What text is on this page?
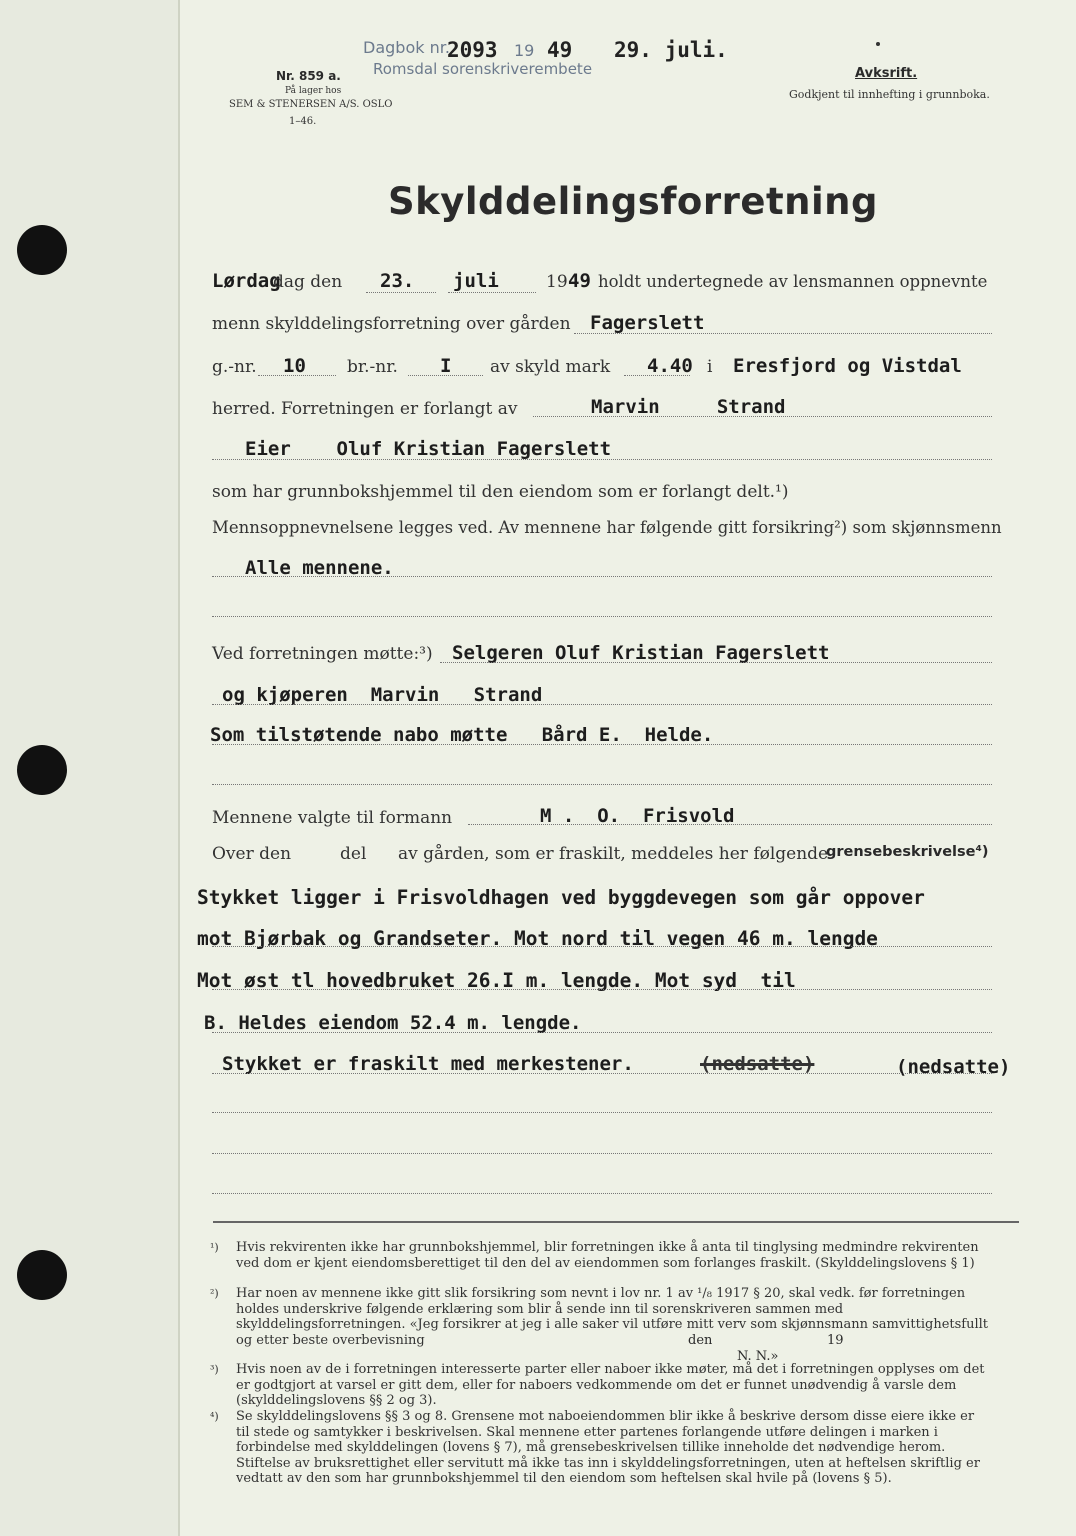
Dagbok nr.
2093 19 49 29. juli.
Romsdal sorenskriverembete
Nr. 859 a.
På lager hos
SEM & STENERSEN A/S. OSLO
1–46.
Avksrift.
Godkjent til innhefting i grunnboka.
Skylddelingsforretning
Lørdag
dag den 23. juli	19 49 holdt undertegnede av lensmannen oppnevnte
menn skylddelingsforretning over gården Fagerslett
g.-nr. 10 br.-nr. I av skyld mark 4.40 i Eresfjord og Vistdal
herred. Forretningen er forlangt av	Marvin     Strand
Eier    Oluf Kristian Fagerslett
som har grunnbokshjemmel til den eiendom som er forlangt delt.¹)
Mennsoppnevnelsene legges ved. Av mennene har følgende gitt forsikring²) som skjønnsmenn
Alle mennene.
Ved forretningen møtte:³) Selgeren Oluf Kristian Fagerslett
og kjøperen  Marvin   Strand
Som tilstøtende nabo møtte   Bård E.  Helde.
Mennene valgte til formann	M .  O.  Frisvold
Over den	del av gården, som er fraskilt, meddeles her følgende
grensebeskrivelse⁴)
Stykket ligger i Frisvoldhagen ved byggdevegen som går oppover
mot Bjørbak og Grandseter. Mot nord til vegen 46 m. lengde
Mot øst tl hovedbruket 26.I m. lengde. Mot syd  til
B. Heldes eiendom 52.4 m. lengde.
Stykket er fraskilt med merkestener.	(nedsatte)	(nedsatte)
¹) Hvis rekvirenten ikke har grunnbokshjemmel, blir forretningen ikke å anta til tinglysing medmindre rekvirenten ved dom er kjent eiendomsberettiget til den del av eiendommen som forlanges fraskilt. (Skylddelingslovens § 1)
²) Har noen av mennene ikke gitt slik forsikring som nevnt i lov nr. 1 av ¹/₈ 1917 § 20, skal vedk. før forretningen holdes underskrive følgende erklæring som blir å sende inn til sorenskriveren sammen med skylddelingsforretningen. «Jeg forsikrer at jeg i alle saker vil utføre mitt verv som skjønnsmann samvittighetsfullt og etter beste overbevisning	den	19
N. N.»
³) Hvis noen av de i forretningen interesserte parter eller naboer ikke møter, må det i forretningen opplyses om det er godtgjort at varsel er gitt dem, eller for naboers vedkommende om det er funnet unødvendig å varsle dem (skylddelingslovens §§ 2 og 3).
⁴) Se skylddelingslovens §§ 3 og 8. Grensene mot naboeiendommen blir ikke å beskrive dersom disse eiere ikke er til stede og samtykker i beskrivelsen. Skal mennene etter partenes forlangende utføre delingen i marken i forbindelse med skylddelingen (lovens § 7), må grensebeskrivelsen tillike inneholde det nødvendige herom. Stiftelse av bruksrettighet eller servitutt må ikke tas inn i skylddelingsforretningen, uten at heftelsen skriftlig er vedtatt av den som har grunnbokshjemmel til den eiendom som heftelsen skal hvile på (lovens § 5).
